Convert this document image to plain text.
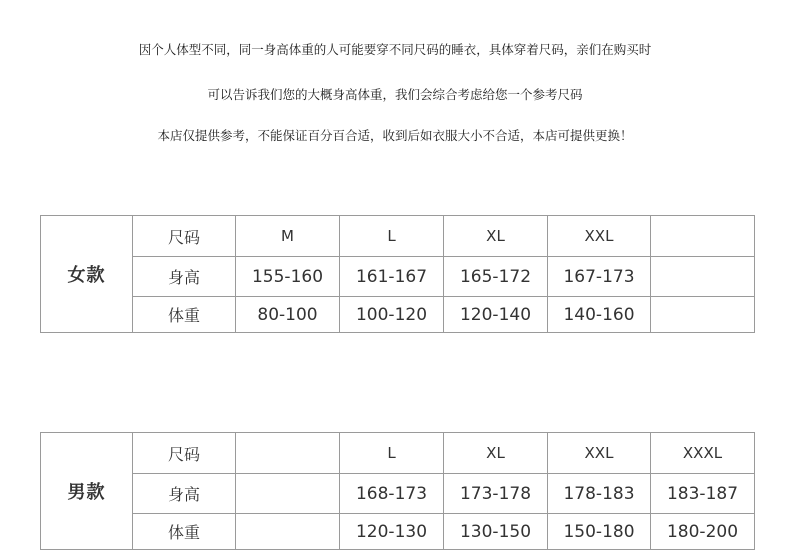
因个人体型不同，同一身高体重的人可能要穿不同尺码的睡衣，具体穿着尺码，亲们在购买时
可以告诉我们您的大概身高体重，我们会综合考虑给您一个参考尺码
本店仅提供参考，不能保证百分百合适，收到后如衣服大小不合适，本店可提供更换！
女款	尺码	M	L	XL	XXL	
	身高	155-160	161-167	165-172	167-173	
	体重	80-100	100-120	120-140	140-160	
男款	尺码		L	XL	XXL	XXXL
	身高		168-173	173-178	178-183	183-187
	体重		120-130	130-150	150-180	180-200
